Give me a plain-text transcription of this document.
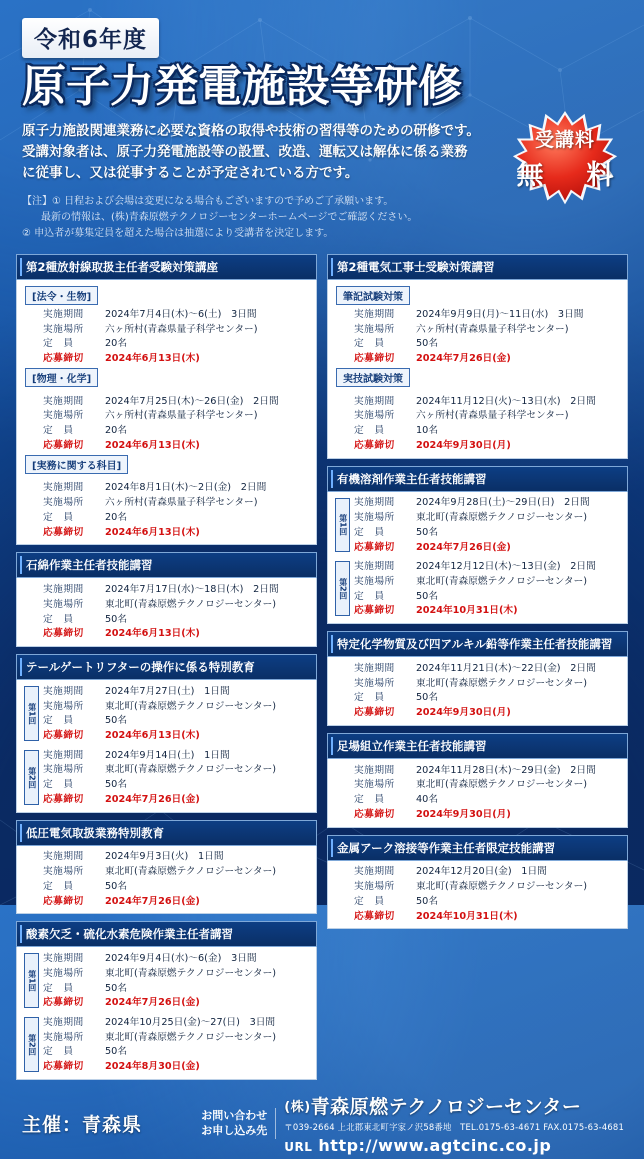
令和6年度
原子力発電施設等研修
原子力施設関連業務に必要な資格の取得や技術の習得等のための研修です。
受講対象者は、原子力発電施設等の設置、改造、運転又は解体に係る業務
に従事し、又は従事することが予定されている方です。
【注】① 日程および会場は変更になる場合もございますので予めご了承願います。
最新の情報は、(株)青森原燃テクノロジーセンターホームページでご確認ください。
② 申込者が募集定員を超えた場合は抽選により受講者を決定します。
受講料
無　料
第2種放射線取扱主任者受験対策講座
[法令・生物]
実施期間	2024年7月4日(木)～6(土)　3日間
実施場所	六ヶ所村(青森県量子科学センター)
定　員	20名
応募締切	2024年6月13日(木)
[物理・化学]
実施期間	2024年7月25日(木)～26日(金)　2日間
実施場所	六ヶ所村(青森県量子科学センター)
定　員	20名
応募締切	2024年6月13日(木)
[実務に関する科目]
実施期間	2024年8月1日(木)～2日(金)　2日間
実施場所	六ヶ所村(青森県量子科学センター)
定　員	20名
応募締切	2024年6月13日(木)
石綿作業主任者技能講習
実施期間	2024年7月17日(水)～18日(木)　2日間
実施場所	東北町(青森原燃テクノロジーセンター)
定　員	50名
応募締切	2024年6月13日(木)
テールゲートリフターの操作に係る特別教育
第1回
実施期間	2024年7月27日(土)　1日間
実施場所	東北町(青森原燃テクノロジーセンター)
定　員	50名
応募締切	2024年6月13日(木)
第2回
実施期間	2024年9月14日(土)　1日間
実施場所	東北町(青森原燃テクノロジーセンター)
定　員	50名
応募締切	2024年7月26日(金)
低圧電気取扱業務特別教育
実施期間	2024年9月3日(火)　1日間
実施場所	東北町(青森原燃テクノロジーセンター)
定　員	50名
応募締切	2024年7月26日(金)
酸素欠乏・硫化水素危険作業主任者講習
第1回
実施期間	2024年9月4日(水)～6(金)　3日間
実施場所	東北町(青森原燃テクノロジーセンター)
定　員	50名
応募締切	2024年7月26日(金)
第2回
実施期間	2024年10月25日(金)～27(日)　3日間
実施場所	東北町(青森原燃テクノロジーセンター)
定　員	50名
応募締切	2024年8月30日(金)
第2種電気工事士受験対策講習
筆記試験対策
実施期間	2024年9月9日(月)～11日(水)　3日間
実施場所	六ヶ所村(青森県量子科学センター)
定　員	50名
応募締切	2024年7月26日(金)
実技試験対策
実施期間	2024年11月12日(火)～13日(水)　2日間
実施場所	六ヶ所村(青森県量子科学センター)
定　員	10名
応募締切	2024年9月30日(月)
有機溶剤作業主任者技能講習
第1回
実施期間	2024年9月28日(土)～29日(日)　2日間
実施場所	東北町(青森原燃テクノロジーセンター)
定　員	50名
応募締切	2024年7月26日(金)
第2回
実施期間	2024年12月12日(木)～13日(金)　2日間
実施場所	東北町(青森原燃テクノロジーセンター)
定　員	50名
応募締切	2024年10月31日(木)
特定化学物質及び四アルキル鉛等作業主任者技能講習
実施期間	2024年11月21日(木)～22日(金)　2日間
実施場所	東北町(青森原燃テクノロジーセンター)
定　員	50名
応募締切	2024年9月30日(月)
足場組立作業主任者技能講習
実施期間	2024年11月28日(木)～29日(金)　2日間
実施場所	東北町(青森原燃テクノロジーセンター)
定　員	40名
応募締切	2024年9月30日(月)
金属アーク溶接等作業主任者限定技能講習
実施期間	2024年12月20日(金)　1日間
実施場所	東北町(青森原燃テクノロジーセンター)
定　員	50名
応募締切	2024年10月31日(木)
主催：青森県	お問い合わせ
お申し込み先
(株)青森原燃テクノロジーセンター
〒039-2664 上北郡東北町字家ノ沢58番地　TEL.0175-63-4671 FAX.0175-63-4681
URL http://www.agtcinc.co.jp
